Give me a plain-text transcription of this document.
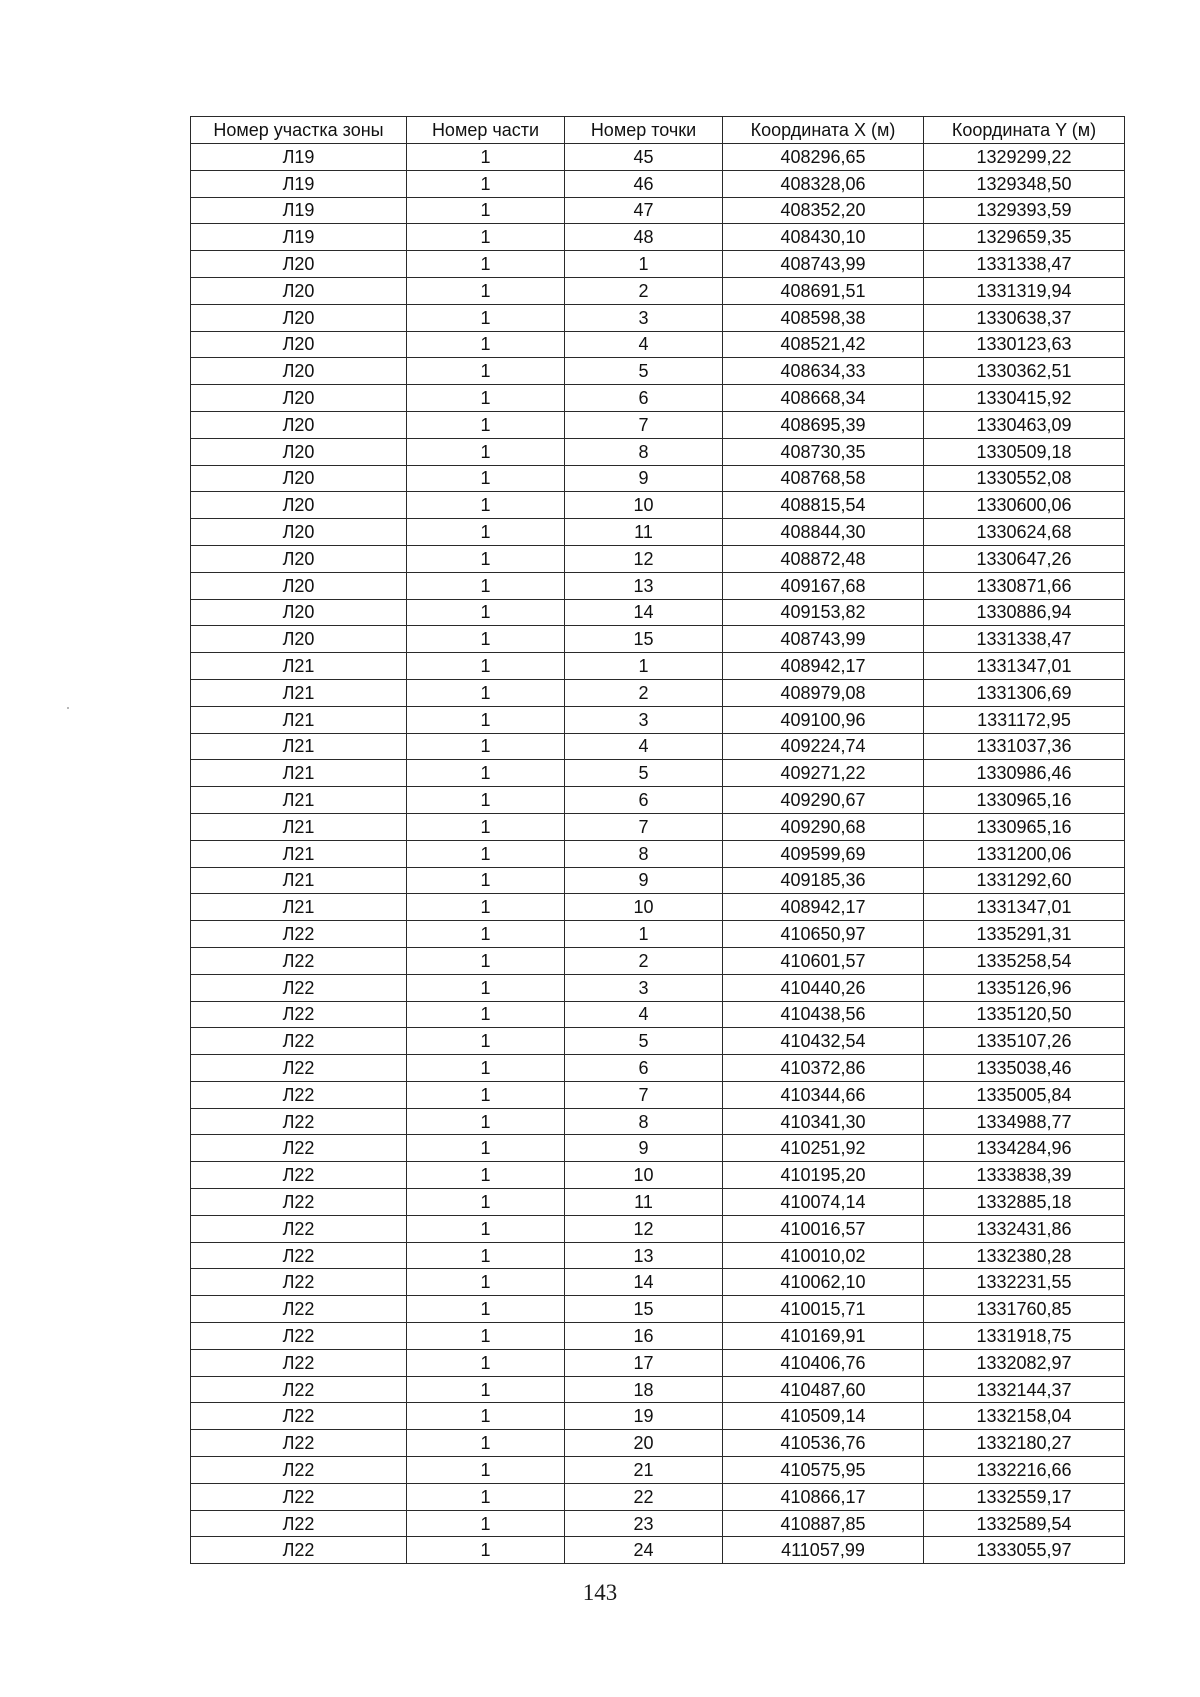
Номер участка зоны	Номер части	Номер точки	Координата X (м)	Координата Y (м)
Л19	1	45	408296,65	1329299,22
Л19	1	46	408328,06	1329348,50
Л19	1	47	408352,20	1329393,59
Л19	1	48	408430,10	1329659,35
Л20	1	1	408743,99	1331338,47
Л20	1	2	408691,51	1331319,94
Л20	1	3	408598,38	1330638,37
Л20	1	4	408521,42	1330123,63
Л20	1	5	408634,33	1330362,51
Л20	1	6	408668,34	1330415,92
Л20	1	7	408695,39	1330463,09
Л20	1	8	408730,35	1330509,18
Л20	1	9	408768,58	1330552,08
Л20	1	10	408815,54	1330600,06
Л20	1	11	408844,30	1330624,68
Л20	1	12	408872,48	1330647,26
Л20	1	13	409167,68	1330871,66
Л20	1	14	409153,82	1330886,94
Л20	1	15	408743,99	1331338,47
Л21	1	1	408942,17	1331347,01
Л21	1	2	408979,08	1331306,69
Л21	1	3	409100,96	1331172,95
Л21	1	4	409224,74	1331037,36
Л21	1	5	409271,22	1330986,46
Л21	1	6	409290,67	1330965,16
Л21	1	7	409290,68	1330965,16
Л21	1	8	409599,69	1331200,06
Л21	1	9	409185,36	1331292,60
Л21	1	10	408942,17	1331347,01
Л22	1	1	410650,97	1335291,31
Л22	1	2	410601,57	1335258,54
Л22	1	3	410440,26	1335126,96
Л22	1	4	410438,56	1335120,50
Л22	1	5	410432,54	1335107,26
Л22	1	6	410372,86	1335038,46
Л22	1	7	410344,66	1335005,84
Л22	1	8	410341,30	1334988,77
Л22	1	9	410251,92	1334284,96
Л22	1	10	410195,20	1333838,39
Л22	1	11	410074,14	1332885,18
Л22	1	12	410016,57	1332431,86
Л22	1	13	410010,02	1332380,28
Л22	1	14	410062,10	1332231,55
Л22	1	15	410015,71	1331760,85
Л22	1	16	410169,91	1331918,75
Л22	1	17	410406,76	1332082,97
Л22	1	18	410487,60	1332144,37
Л22	1	19	410509,14	1332158,04
Л22	1	20	410536,76	1332180,27
Л22	1	21	410575,95	1332216,66
Л22	1	22	410866,17	1332559,17
Л22	1	23	410887,85	1332589,54
Л22	1	24	411057,99	1333055,97
143
